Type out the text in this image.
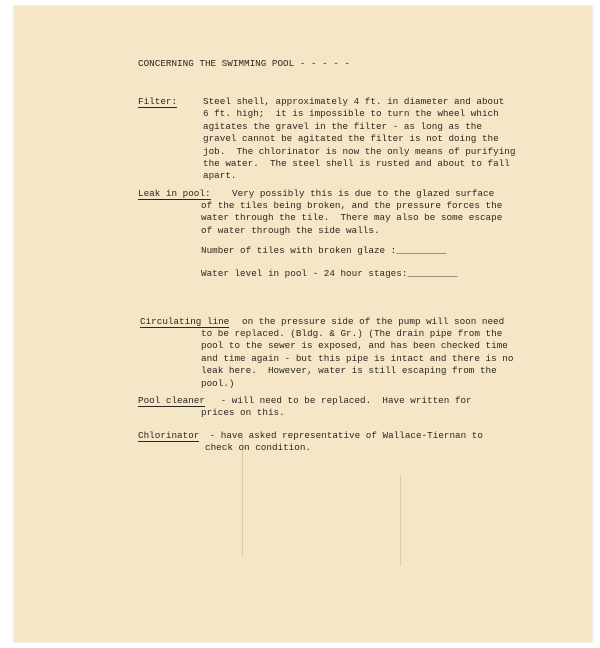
CONCERNING THE SWIMMING POOL - - - - -
Filter:	Steel shell, approximately 4 ft. in diameter and about
6 ft. high;  it is impossible to turn the wheel which
agitates the gravel in the filter - as long as the
gravel cannot be agitated the filter is not doing the
job.  The chlorinator is now the only means of purifying
the water.  The steel shell is rusted and about to fall
apart.
Leak in pool: Very possibly this is due to the glazed surface
of the tiles being broken, and the pressure forces the
water through the tile.  There may also be some escape
of water through the side walls.
Number of tiles with broken glaze :_________
Water level in pool - 24 hour stages:_________
Circulating line on the pressure side of the pump will soon need
to be replaced. (Bldg. & Gr.) (The drain pipe from the
pool to the sewer is exposed, and has been checked time
and time again - but this pipe is intact and there is no
leak here.  However, water is still escaping from the
pool.)
Pool cleaner - will need to be replaced.  Have written for
prices on this.
Chlorinator - have asked representative of Wallace-Tiernan to
check on condition.
